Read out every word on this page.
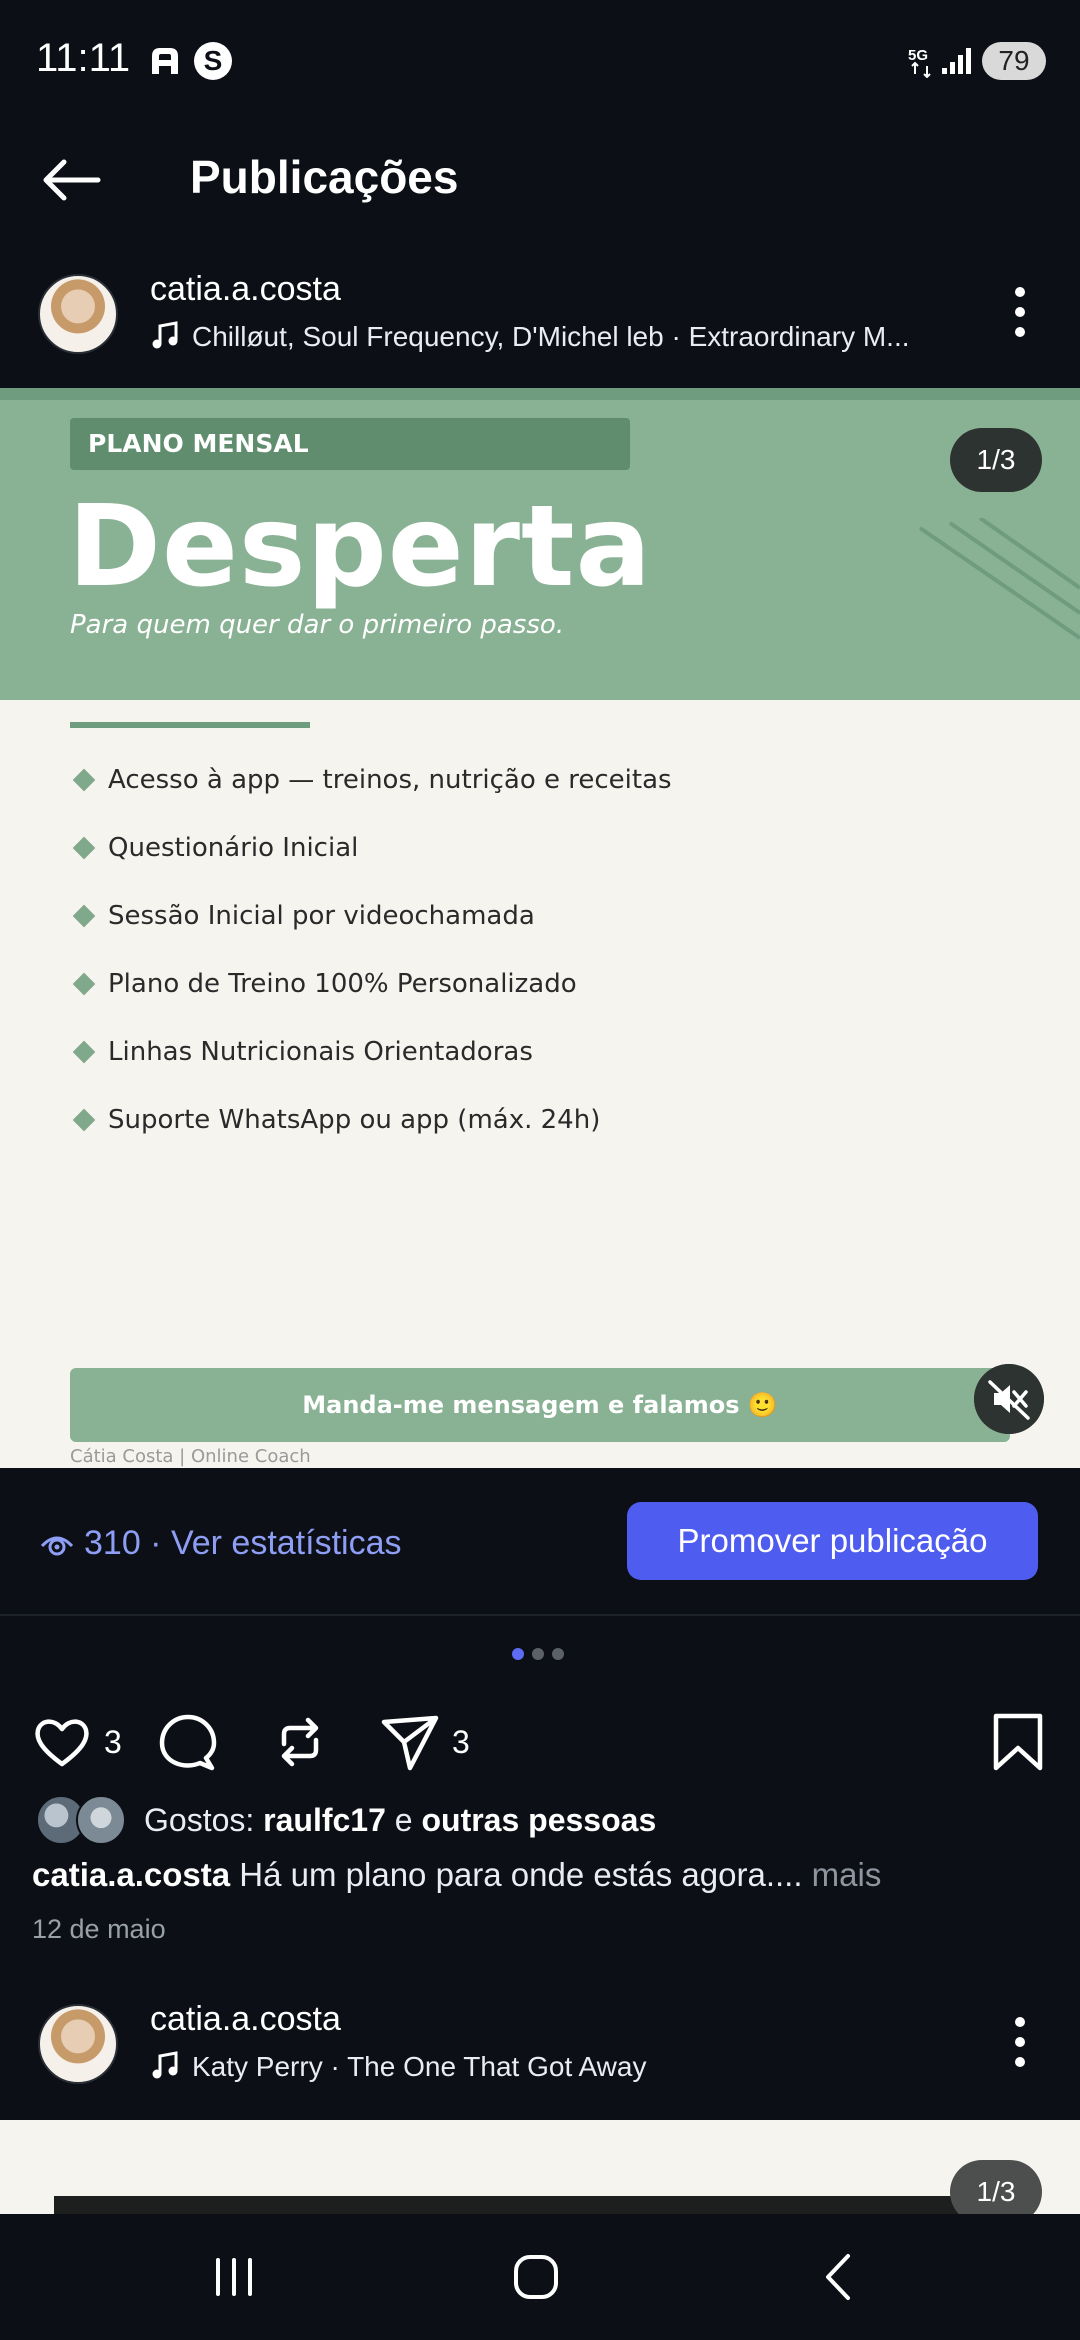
11:11	S	5G	79
Publicações
catia.a.costa
Chilløut, Soul Frequency, D'Michel leb · Extraordinary M...
PLANO MENSAL
Desperta
Para quem quer dar o primeiro passo.
1/3
Acesso à app — treinos, nutrição e receitas
Questionário Inicial
Sessão Inicial por videochamada
Plano de Treino 100% Personalizado
Linhas Nutricionais Orientadoras
Suporte WhatsApp ou app (máx. 24h)
Manda-me mensagem e falamos 🙂
Cátia Costa | Online Coach
310 · Ver estatísticas	Promover publicação
3	3
Gostos:
raulfc17
e
outras pessoas
catia.a.costa Há um plano para onde estás agora.... mais
12 de maio
catia.a.costa
Katy Perry · The One That Got Away
1/3
